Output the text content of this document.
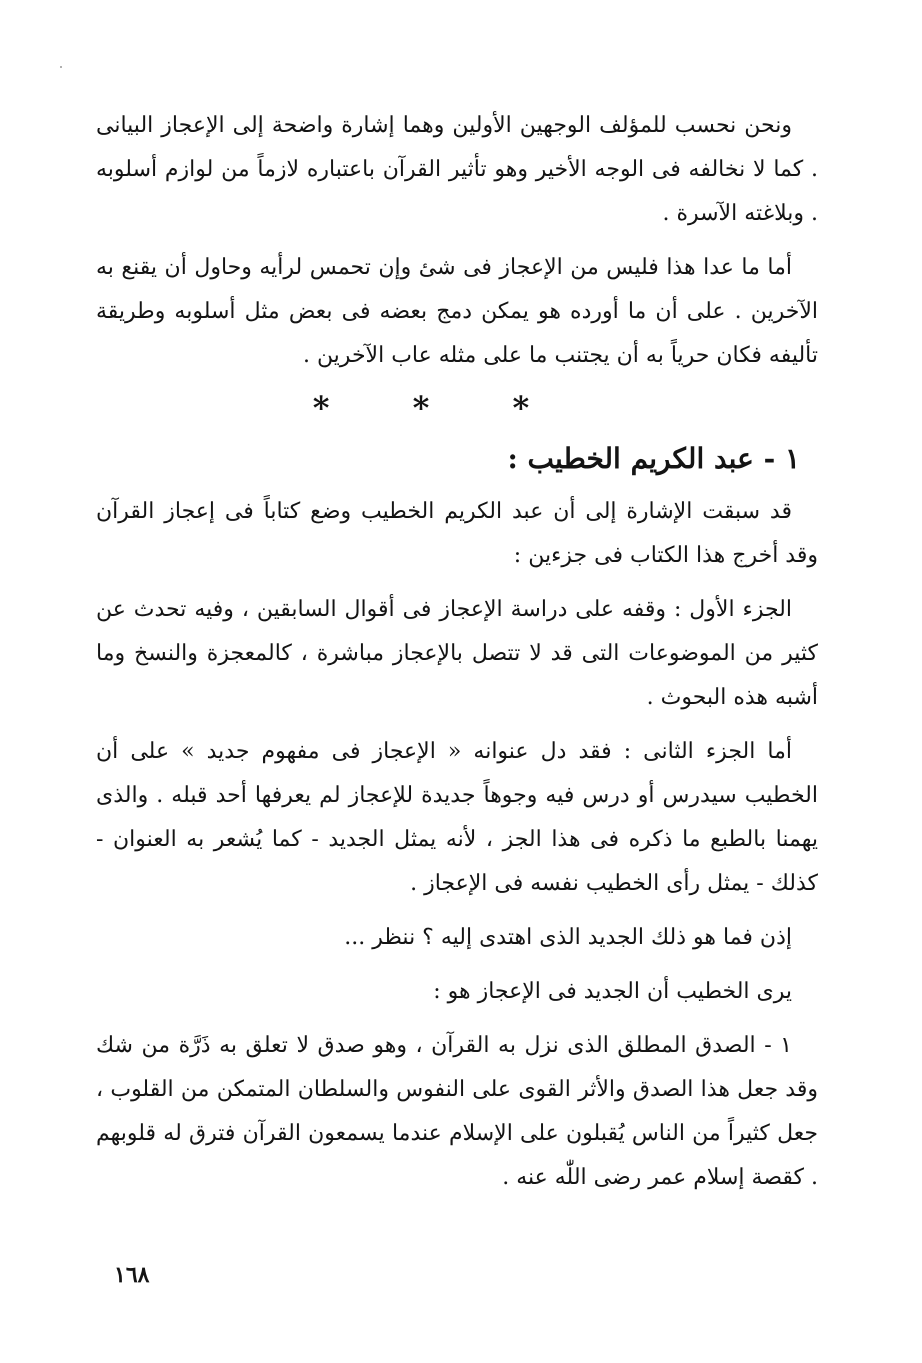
ونحن نحسب للمؤلف الوجهين الأولين وهما إشارة واضحة إلى الإعجاز البيانى . كما لا نخالفه فى الوجه الأخير وهو تأثير القرآن باعتباره لازماً من لوازم أسلوبه . وبلاغته الآسرة .

أما ما عدا هذا فليس من الإعجاز فى شئ وإن تحمس لرأيه وحاول أن يقنع به الآخرين . على أن ما أورده هو يمكن دمج بعضه فى بعض مثل أسلوبه وطريقة تأليفه فكان حرياً به أن يجتنب ما على مثله عاب الآخرين .

* * *
١ - عبد الكريم الخطيب :

قد سبقت الإشارة إلى أن عبد الكريم الخطيب وضع كتاباً فى إعجاز القرآن وقد أخرج هذا الكتاب فى جزءين :

الجزء الأول : وقفه على دراسة الإعجاز فى أقوال السابقين ، وفيه تحدث عن كثير من الموضوعات التى قد لا تتصل بالإعجاز مباشرة ، كالمعجزة والنسخ وما أشبه هذه البحوث .

أما الجزء الثانى : فقد دل عنوانه « الإعجاز فى مفهوم جديد » على أن الخطيب سيدرس أو درس فيه وجوهاً جديدة للإعجاز لم يعرفها أحد قبله . والذى يهمنا بالطبع ما ذكره فى هذا الجز ، لأنه يمثل الجديد - كما يُشعر به العنوان - كذلك - يمثل رأى الخطيب نفسه فى الإعجاز .

إذن فما هو ذلك الجديد الذى اهتدى إليه ؟ ننظر ...

يرى الخطيب أن الجديد فى الإعجاز هو :

١ - الصدق المطلق الذى نزل به القرآن ، وهو صدق لا تعلق به ذَرَّة من شك وقد جعل هذا الصدق والأثر القوى على النفوس والسلطان المتمكن من القلوب ، جعل كثيراً من الناس يُقبلون على الإسلام عندما يسمعون القرآن فترق له قلوبهم . كقصة إسلام عمر رضى اللّٰه عنه .

١٦٨
